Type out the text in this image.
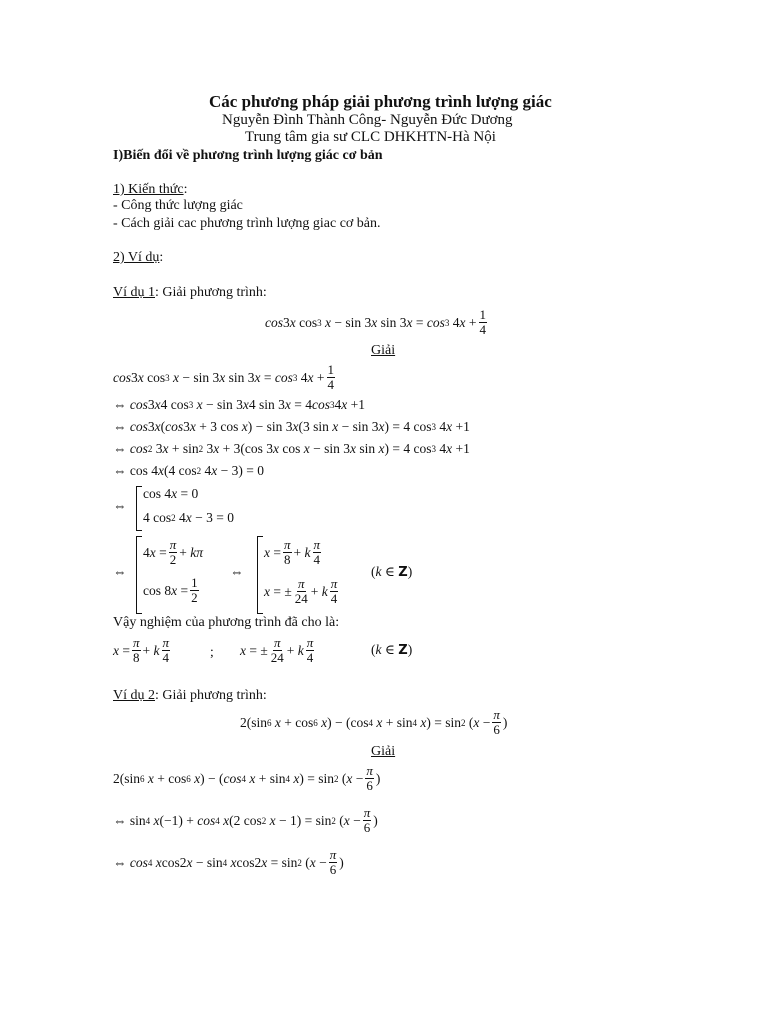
Các phương pháp giải phương trình lượng giác
Nguyễn Đình Thành Công- Nguyễn Đức Dương
Trung tâm gia sư CLC DHKHTN-Hà Nội
I)Biến đổi về phương trình lượng giác cơ bản
1) Kiến thức:
- Công thức lượng giác
- Cách giải cac phương trình lượng giac cơ bản.
2) Ví dụ:
Ví dụ 1: Giải phương trình:
cos 3 x cos 3
x − sin 3 x sin 3 x = cos 3 4 x + 1
4
Giải
cos 3 x cos 3
x − sin 3 x sin 3 x = cos 3 4 x + 1
4
⇔ cos 3 x 4 cos 3
x − sin 3 x 4 sin 3 x = 4 cos 3 4 x +1
⇔ cos 3 x ( cos 3 x + 3 cos x ) − sin 3 x (3 sin x − sin 3 x ) = 4 cos 3 4 x +1
⇔ cos 2 3 x + sin 2 3 x + 3(cos 3 x cos x − sin 3 x sin x ) = 4 cos 3 4 x +1
⇔ cos 4 x (4 cos 2 4 x − 3) = 0
⇔
cos 4 x = 0
4 cos 2 4 x − 3 = 0
⇔
4 x = π
2 + kπ
cos 8 x = 1
2
⇔
x = π
8 + k π
4
x = ± π
24 + k π
4
( k ∈ Z )
Vậy nghiệm của phương trình đã cho là:
x = π
8 + k π
4	; x = ± π
24 + k π
4
( k ∈ Z )
Ví dụ 2: Giải phương trình:
2(sin 6
x + cos 6
x ) − (cos 4
x + sin 4
x ) = sin 2 ( x − π
6 )
Giải
2(sin 6
x + cos 6
x ) − ( cos 4
x + sin 4
x ) = sin 2 ( x − π
6 )
⇔ sin 4
x (−1) + cos 4
x (2 cos 2
x − 1) = sin 2 ( x − π
6 )
⇔ cos 4
x cos2 x − sin 4
x cos2 x = sin 2 ( x − π
6 )
